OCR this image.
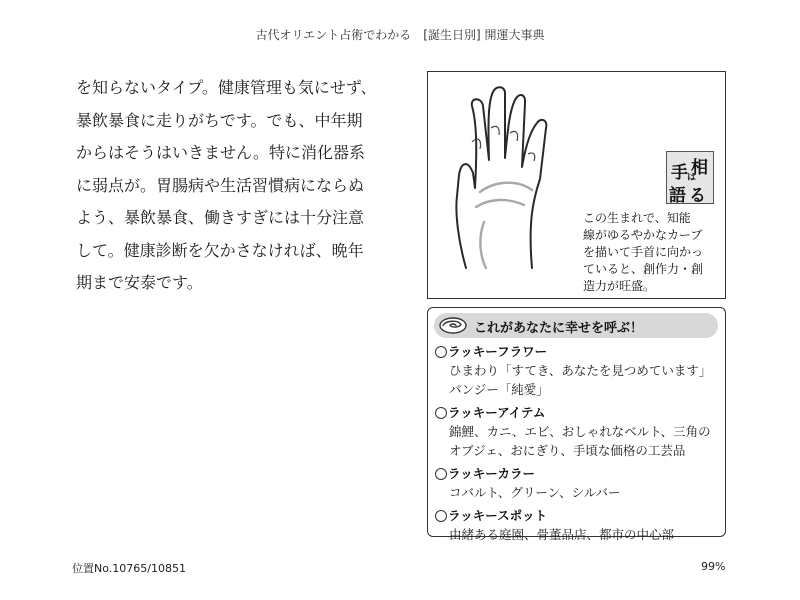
古代オリエント占術でわかる　[誕生日別] 開運大事典
を知らないタイプ。健康管理も気にせず、
暴飲暴食に走りがちです。でも、中年期
からはそうはいきません。特に消化器系
に弱点が。胃腸病や生活習慣病にならぬ
よう、暴飲暴食、働きすぎには十分注意
して。健康診断を欠かさなければ、晩年
期まで安泰です。
手 相
は
語 る
この生まれで、知能
線がゆるやかなカーブ
を描いて手首に向かっ
ていると、創作力・創
造力が旺盛。
これがあなたに幸せを呼ぶ！
ラッキーフラワー
ひまわり「すてき、あなたを見つめています」
パンジー「純愛」
ラッキーアイテム
錦鯉、カニ、エビ、おしゃれなベルト、三角の
オブジェ、おにぎり、手頃な価格の工芸品
ラッキーカラー
コバルト、グリーン、シルバー
ラッキースポット
由緒ある庭園、骨董品店、都市の中心部
位置No.10765/10851	99%
